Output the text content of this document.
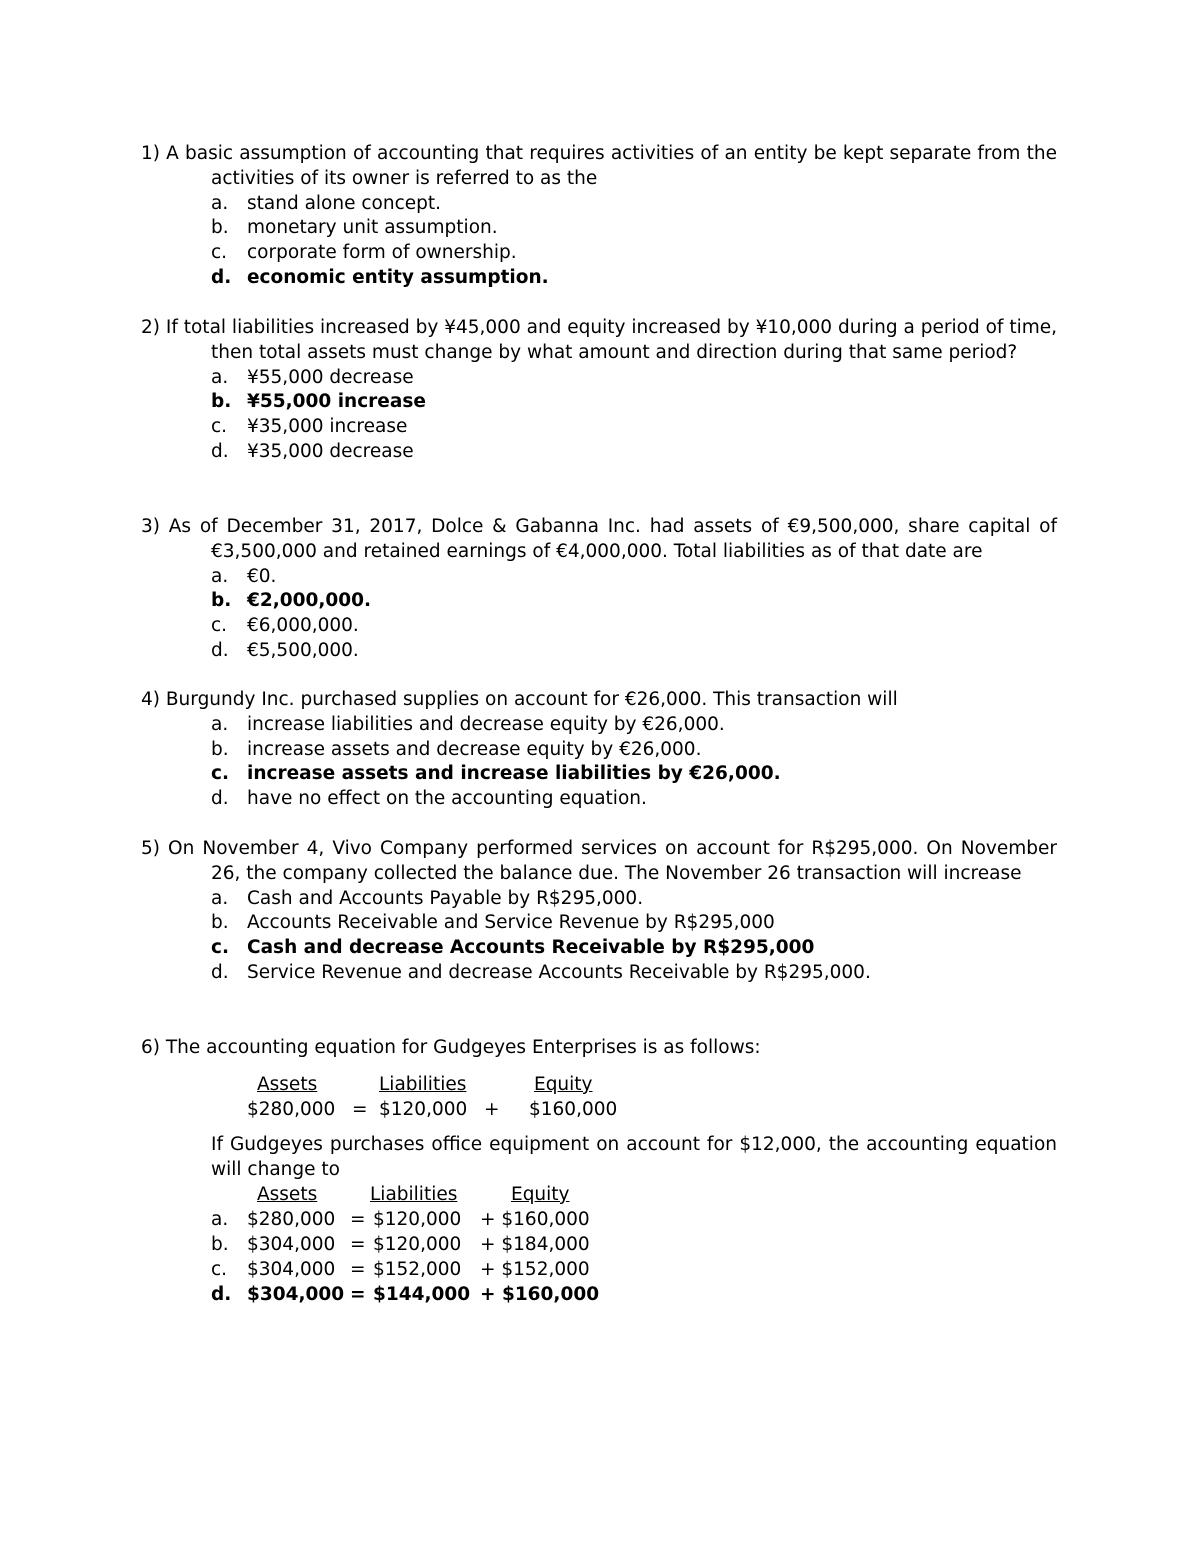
1) A basic assumption of accounting that requires activities of an entity be kept separate from the activities of its owner is referred to as the
a. stand alone concept.
b. monetary unit assumption.
c. corporate form of ownership.
d. economic entity assumption.
2) If total liabilities increased by ¥45,000 and equity increased by ¥10,000 during a period of time, then total assets must change by what amount and direction during that same period?
a. ¥55,000 decrease
b. ¥55,000 increase
c. ¥35,000 increase
d. ¥35,000 decrease
3) As of December 31, 2017, Dolce & Gabanna Inc. had assets of €9,500,000, share capital of €3,500,000 and retained earnings of €4,000,000. Total liabilities as of that date are
a. €0.
b. €2,000,000.
c. €6,000,000.
d. €5,500,000.
4) Burgundy Inc. purchased supplies on account for €26,000. This transaction will
a. increase liabilities and decrease equity by €26,000.
b. increase assets and decrease equity by €26,000.
c. increase assets and increase liabilities by €26,000.
d. have no effect on the accounting equation.
5) On November 4, Vivo Company performed services on account for R$295,000. On November 26, the company collected the balance due. The November 26 transaction will increase
a. Cash and Accounts Payable by R$295,000.
b. Accounts Receivable and Service Revenue by R$295,000
c. Cash and decrease Accounts Receivable by R$295,000
d. Service Revenue and decrease Accounts Receivable by R$295,000.
6) The accounting equation for Gudgeyes Enterprises is as follows:
Assets	Liabilities	Equity
$280,000 = $120,000 + $160,000
If Gudgeyes purchases office equipment on account for $12,000, the accounting equation will change to
Assets	Liabilities	Equity
a. $280,000 = $120,000 + $160,000
b. $304,000 = $120,000 + $184,000
c. $304,000 = $152,000 + $152,000
d. $304,000 = $144,000 + $160,000
